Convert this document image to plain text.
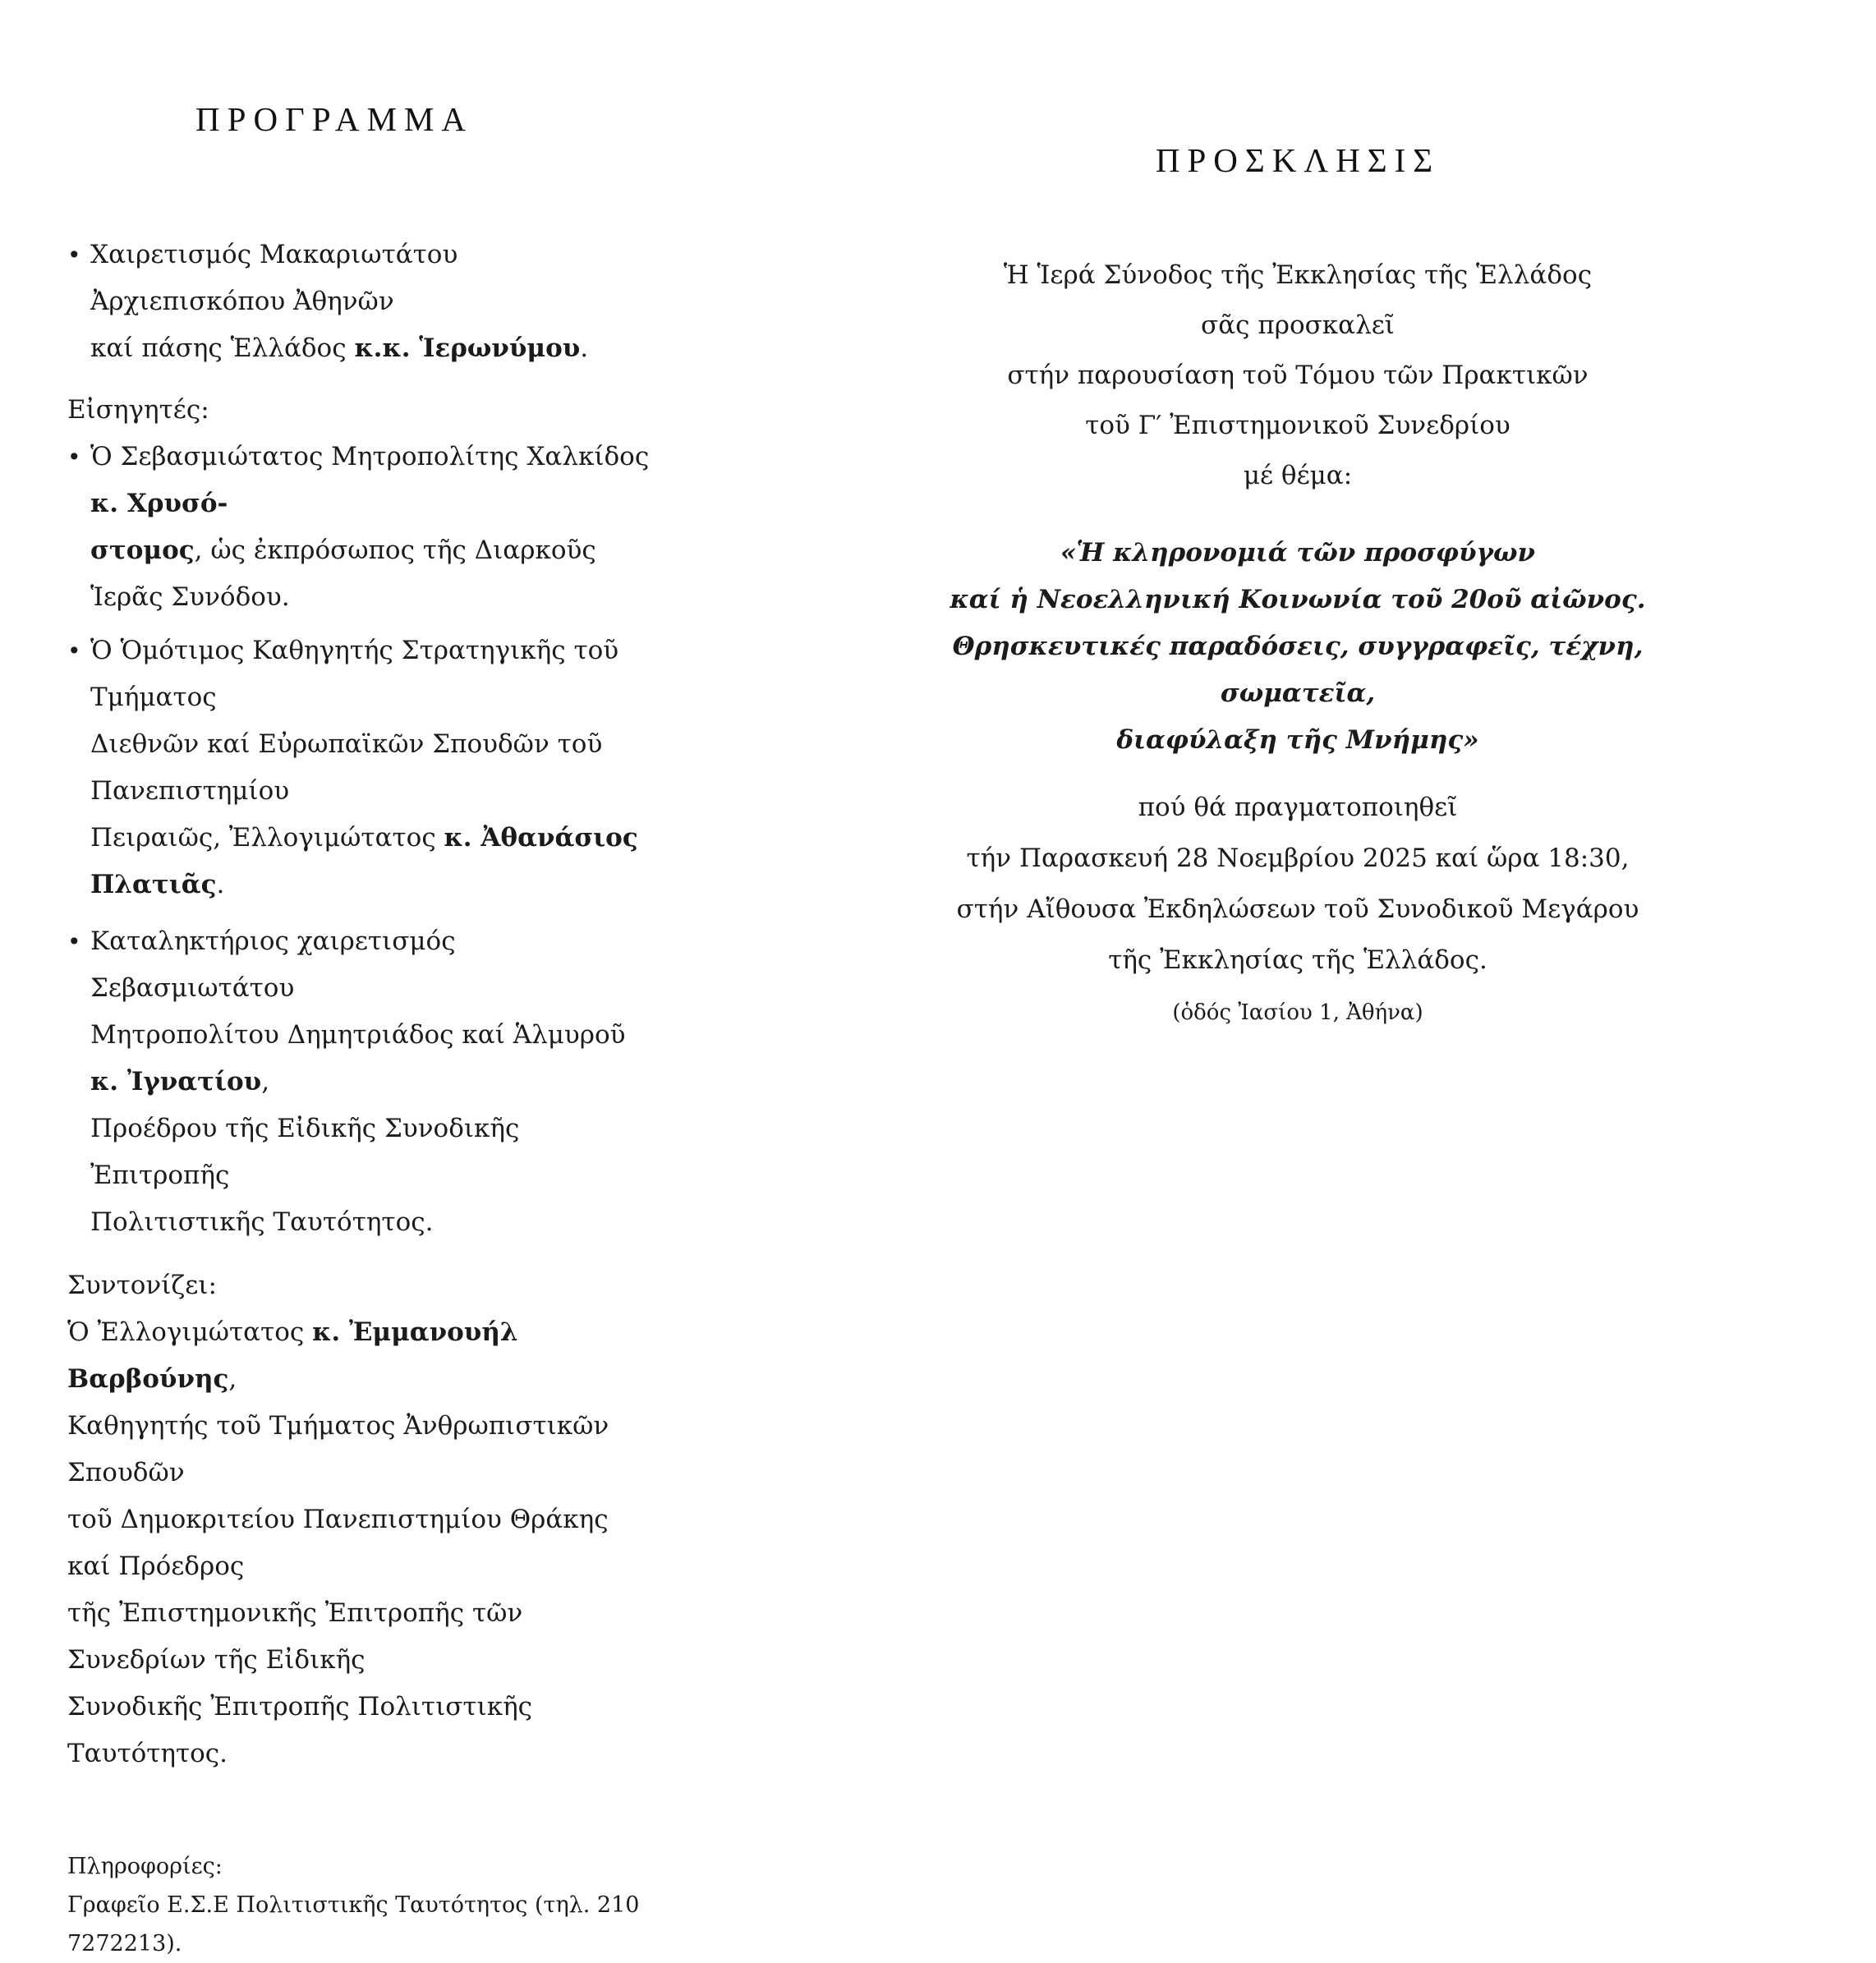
ΠΡΟΓΡΑΜΜΑ
• Χαιρετισμός Μακαριωτάτου Ἀρχιεπισκόπου Ἀθηνῶν
καί πάσης Ἑλλάδος κ.κ. Ἱερωνύμου.
Εἰσηγητές:
• Ὁ Σεβασμιώτατος Μητροπολίτης Χαλκίδος κ. Χρυσό-
στομος, ὡς ἐκπρόσωπος τῆς Διαρκοῦς Ἱερᾶς Συνόδου.
• Ὁ Ὁμότιμος Καθηγητής Στρατηγικῆς τοῦ Τμήματος
Διεθνῶν καί Εὐρωπαϊκῶν Σπουδῶν τοῦ Πανεπιστημίου
Πειραιῶς, Ἐλλογιμώτατος κ. Ἀθανάσιος Πλατιᾶς.
• Καταληκτήριος χαιρετισμός Σεβασμιωτάτου
Μητροπολίτου Δημητριάδος καί Ἁλμυροῦ κ. Ἰγνατίου,
Προέδρου τῆς Εἰδικῆς Συνοδικῆς Ἐπιτροπῆς
Πολιτιστικῆς Ταυτότητος.
Συντονίζει:
Ὁ Ἐλλογιμώτατος κ. Ἐμμανουήλ Βαρβούνης,
Καθηγητής τοῦ Τμήματος Ἀνθρωπιστικῶν Σπουδῶν
τοῦ Δημοκριτείου Πανεπιστημίου Θράκης καί Πρόεδρος
τῆς Ἐπιστημονικῆς Ἐπιτροπῆς τῶν Συνεδρίων τῆς Εἰδικῆς
Συνοδικῆς Ἐπιτροπῆς Πολιτιστικῆς Ταυτότητος.
Πληροφορίες:
Γραφεῖο Ε.Σ.Ε Πολιτιστικῆς Ταυτότητος (τηλ. 210 7272213).
ΠΡΟΣΚΛΗΣΙΣ
Ἡ Ἱερά Σύνοδος τῆς Ἐκκλησίας τῆς Ἑλλάδος
σᾶς προσκαλεῖ
στήν παρουσίαση τοῦ Τόμου τῶν Πρακτικῶν
τοῦ Γ′ Ἐπιστημονικοῦ Συνεδρίου
μέ θέμα:
«Ἡ κληρονομιά τῶν προσφύγων
καί ἡ Νεοελληνική Κοινωνία τοῦ 20οῦ αἰῶνος.
Θρησκευτικές παραδόσεις, συγγραφεῖς, τέχνη, σωματεῖα,
διαφύλαξη τῆς Μνήμης»
πού θά πραγματοποιηθεῖ
τήν Παρασκευή 28 Νοεμβρίου 2025 καί ὥρα 18:30,
στήν Αἴθουσα Ἐκδηλώσεων τοῦ Συνοδικοῦ Μεγάρου
τῆς Ἐκκλησίας τῆς Ἑλλάδος.
(ὁδός Ἰασίου 1, Ἀθήνα)
